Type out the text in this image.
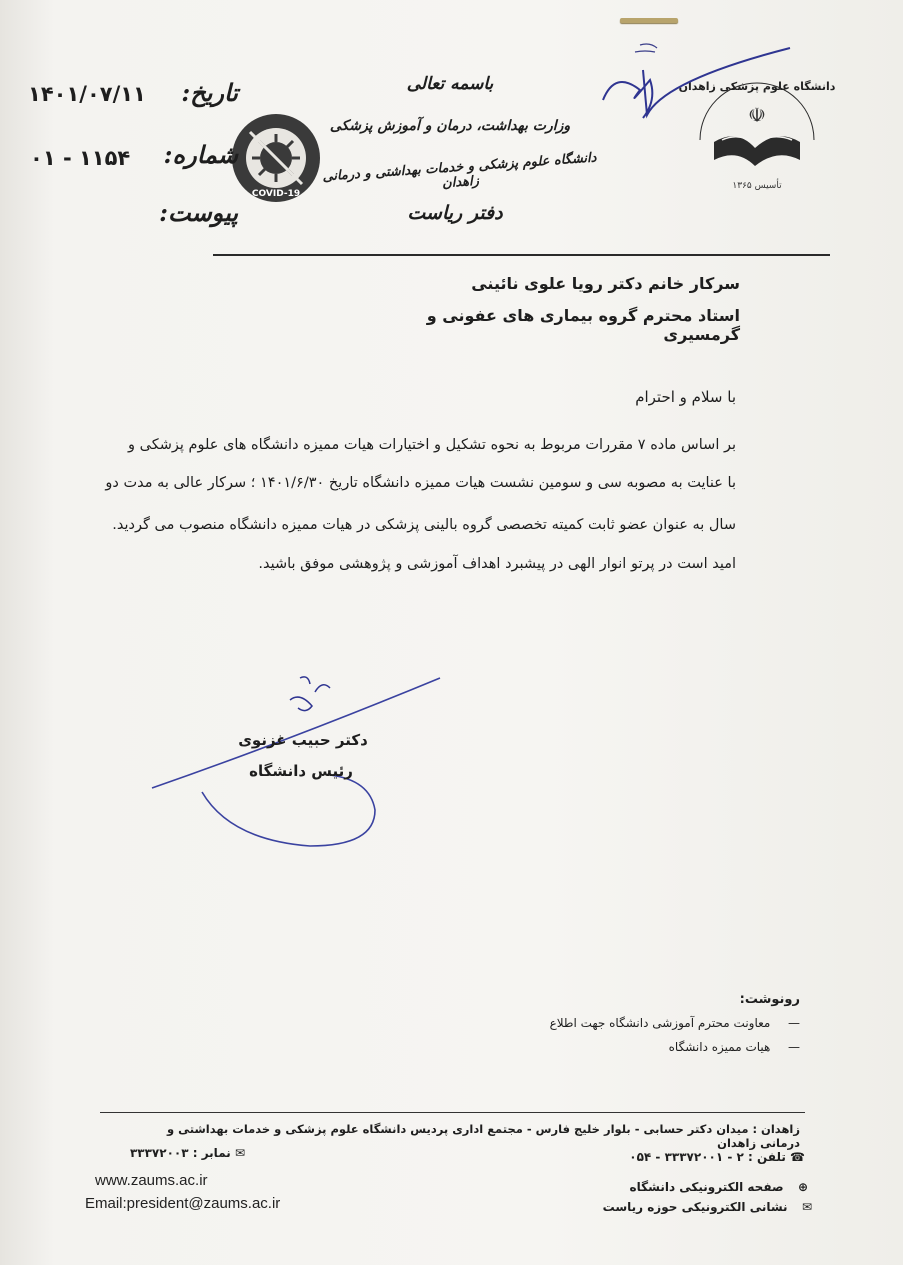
دانشگاه علوم پزشکی زاهدان
☫
تأسیس ۱۳۶۵
باسمه تعالی
وزارت بهداشت، درمان و آموزش پزشکی
دانشگاه علوم پزشکی و خدمات بهداشتی و درمانی زاهدان
دفتر ریاست
COVID-19
تاریخ:
۱۴۰۱/۰۷/۱۱
شماره:
۰۱ - ۱۱۵۴
پیوست:
سرکار خانم دکتر رویا علوی نائینی
استاد محترم گروه بیماری های عفونی و گرمسیری
با سلام و احترام
بر اساس ماده ۷ مقررات مربوط به نحوه تشکیل و اختیارات هیات ممیزه دانشگاه های علوم پزشکی و
با عنایت به مصوبه سی و سومین نشست هیات ممیزه دانشگاه تاریخ ۱۴۰۱/۶/۳۰ ؛ سرکار عالی به مدت دو
سال به عنوان عضو ثابت کمیته تخصصی گروه بالینی پزشکی در هیات ممیزه دانشگاه منصوب می گردید.
امید است در پرتو انوار الهی در پیشبرد اهداف آموزشی و پژوهشی موفق باشید.
دکتر حبیب غزنوی
رئیس دانشگاه
رونوشت:
—  معاونت محترم آموزشی دانشگاه جهت اطلاع
—  هیات ممیزه دانشگاه
زاهدان : میدان دکتر حسابی - بلوار خلیج فارس - مجتمع اداری پردیس دانشگاه علوم پزشکی و خدمات بهداشتی و درمانی زاهدان
☎ تلفن : ۲ - ۳۳۳۷۲۰۰۱ - ۰۵۴
✉ نمابر : ۳۳۳۷۲۰۰۳
www.zaums.ac.ir
Email:president@zaums.ac.ir
⊕  صفحه الکترونیکی دانشگاه
✉  نشانی الکترونیکی حوزه ریاست
